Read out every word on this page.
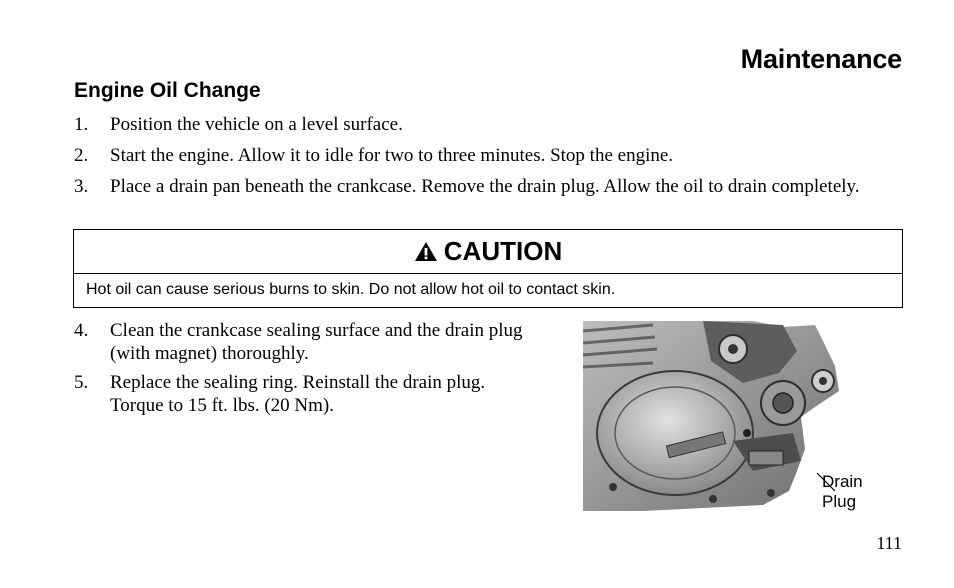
Maintenance
Engine Oil Change
1.	Position the vehicle on a level surface.
2.	Start the engine. Allow it to idle for two to three minutes. Stop the engine.
3.	Place a drain pan beneath the crankcase. Remove the drain plug. Allow the oil to drain completely.
CAUTION
Hot oil can cause serious burns to skin. Do not allow hot oil to contact skin.
4.	Clean the crankcase sealing surface and the drain plug (with magnet) thoroughly.
5.	Replace the sealing ring. Reinstall the drain plug. Torque to 15 ft. lbs. (20 Nm).
Drain
Plug
111
